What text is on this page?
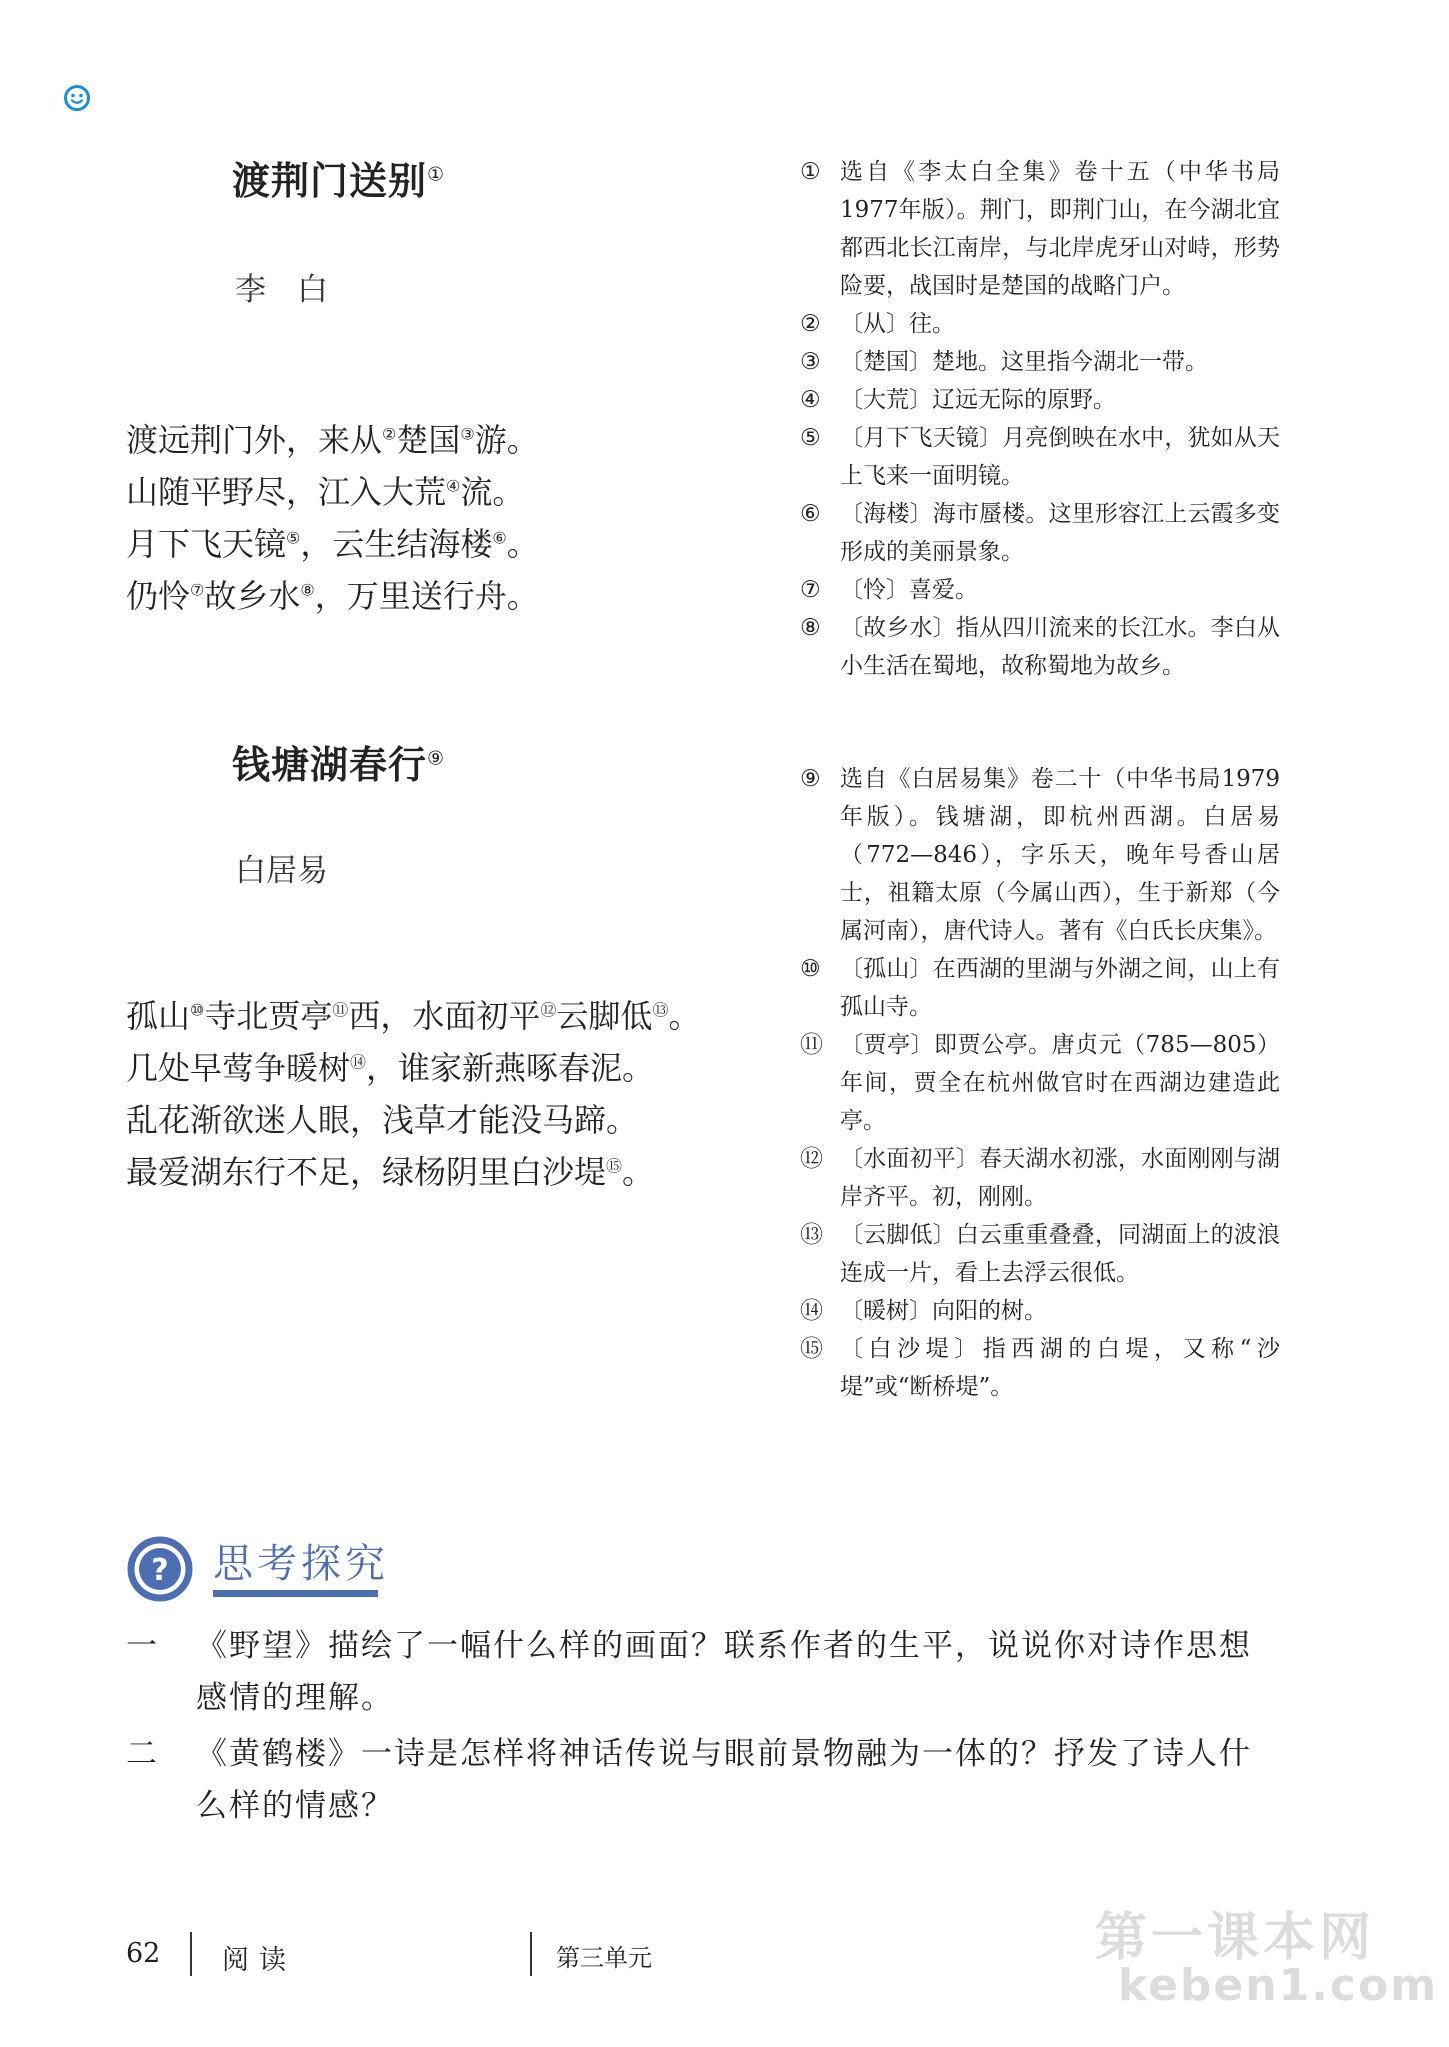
渡荆门送别①
李　白
渡远荆门外，来从②楚国③游。
山随平野尽，江入大荒④流。
月下飞天镜⑤，云生结海楼⑥。
仍怜⑦故乡水⑧，万里送行舟。
钱塘湖春行⑨
白居易
孤山⑩寺北贾亭⑪西，水面初平⑫云脚低⑬。
几处早莺争暖树⑭，谁家新燕啄春泥。
乱花渐欲迷人眼，浅草才能没马蹄。
最爱湖东行不足，绿杨阴里白沙堤⑮。
① 选自《李太白全集》卷十五（中华书局1977年版）。荆门，即荆门山，在今湖北宜都西北长江南岸，与北岸虎牙山对峙，形势险要，战国时是楚国的战略门户。
② 〔从〕往。
③ 〔楚国〕楚地。这里指今湖北一带。
④ 〔大荒〕辽远无际的原野。
⑤ 〔月下飞天镜〕月亮倒映在水中，犹如从天上飞来一面明镜。
⑥ 〔海楼〕海市蜃楼。这里形容江上云霞多变形成的美丽景象。
⑦ 〔怜〕喜爱。
⑧ 〔故乡水〕指从四川流来的长江水。李白从小生活在蜀地，故称蜀地为故乡。
⑨ 选自《白居易集》卷二十（中华书局1979年版）。钱塘湖，即杭州西湖。白居易（772—846），字乐天，晚年号香山居士，祖籍太原（今属山西），生于新郑（今属河南），唐代诗人。著有《白氏长庆集》。
⑩ 〔孤山〕在西湖的里湖与外湖之间，山上有孤山寺。
⑪ 〔贾亭〕即贾公亭。唐贞元（785—805）年间，贾全在杭州做官时在西湖边建造此亭。
⑫ 〔水面初平〕春天湖水初涨，水面刚刚与湖岸齐平。初，刚刚。
⑬ 〔云脚低〕白云重重叠叠，同湖面上的波浪连成一片，看上去浮云很低。
⑭ 〔暖树〕向阳的树。
⑮ 〔白沙堤〕指西湖的白堤，又称“沙堤”或“断桥堤”。
? 思考探究
一	《野望》描绘了一幅什么样的画面？联系作者的生平，说说你对诗作思想感情的理解。
二	《黄鹤楼》一诗是怎样将神话传说与眼前景物融为一体的？抒发了诗人什么样的情感？
62 阅读	第三单元	第一课本网
keben1.com
